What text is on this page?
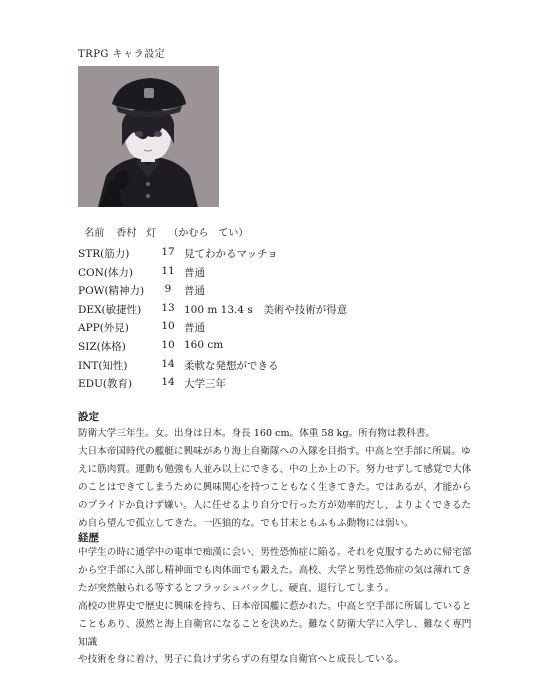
TRPG キャラ設定

名前 香村　灯 （かむら　てい）

STR(筋力)	17 見てわかるマッチョ
CON(体力)	11 普通
POW(精神力)	9	普通
DEX(敏捷性)	13 100 m 13.4 s　美術や技術が得意
APP(外見)	10 普通
SIZ(体格)	10 160 cm
INT(知性)	14 柔軟な発想ができる
EDU(教育)	14 大学三年
設定

防衛大学三年生。女。出身は日本。身長 160 cm。体重 58 kg。所有物は教科書。

大日本帝国時代の艦艇に興味があり海上自衛隊への入隊を目指す。中高と空手部に所属。ゆ

えに筋肉質。運動も勉強も人並み以上にできる、中の上か上の下。努力せずして感覚で大体

のことはできてしまうために興味関心を持つこともなく生きてきた。ではあるが、才能から

のプライドか負けず嫌い。人に任せるより自分で行った方が効率的だし、よりよくできるた

め自ら望んで孤立してきた。一匹狼的な。でも甘末ともふもふ動物には弱い。

経歴

中学生の時に通学中の電車で痴漢に会い、男性恐怖症に陥る。それを克服するために帰宅部

から空手部に入部し精神面でも肉体面でも鍛えた。高校、大学と男性恐怖症の気は薄れてき

たが突然触られる等するとフラッシュバックし、硬直、退行してしまう。

高校の世界史で歴史に興味を持ち、日本帝国艦に惹かれた。中高と空手部に所属していると

こともあり、漠然と海上自衛官になることを決めた。難なく防衛大学に入学し、難なく専門知識

や技術を身に着け、男子に負けず劣らずの有望な自衛官へと成長している。
